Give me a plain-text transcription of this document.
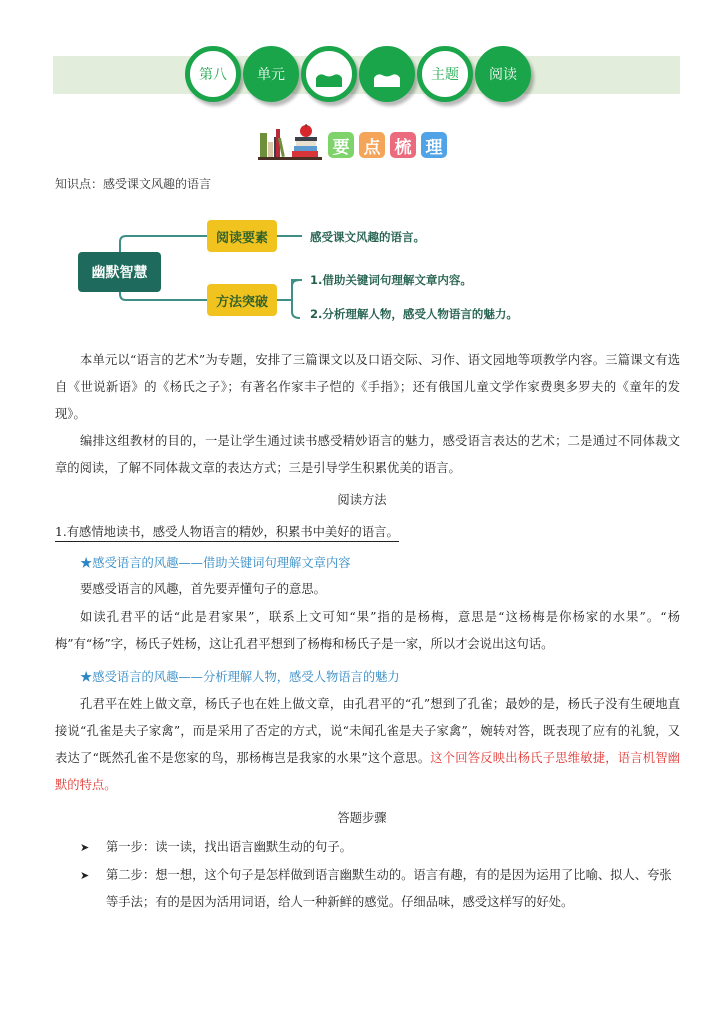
第八 单元	主题 阅读
要 点 梳 理
知识点：感受课文风趣的语言
幽默智慧
阅读要素
方法突破
感受课文风趣的语言。
1.借助关键词句理解文章内容。
2.分析理解人物，感受人物语言的魅力。
本单元以“语言的艺术”为专题，安排了三篇课文以及口语交际、习作、语文园地等项教学内容。三篇课文有选自《世说新语》的《杨氏之子》；有著名作家丰子恺的《手指》；还有俄国儿童文学作家费奥多罗夫的《童年的发现》。
编排这组教材的目的，一是让学生通过读书感受精妙语言的魅力，感受语言表达的艺术；二是通过不同体裁文章的阅读，了解不同体裁文章的表达方式；三是引导学生积累优美的语言。
阅读方法
1.有感情地读书，感受人物语言的精妙，积累书中美好的语言。
★感受语言的风趣——借助关键词句理解文章内容
要感受语言的风趣，首先要弄懂句子的意思。
如读孔君平的话“此是君家果”，联系上文可知“果”指的是杨梅，意思是“这杨梅是你杨家的水果”。“杨梅”有“杨”字，杨氏子姓杨，这让孔君平想到了杨梅和杨氏子是一家，所以才会说出这句话。
★感受语言的风趣——分析理解人物，感受人物语言的魅力
孔君平在姓上做文章，杨氏子也在姓上做文章，由孔君平的“孔”想到了孔雀；最妙的是，杨氏子没有生硬地直接说“孔雀是夫子家禽”，而是采用了否定的方式，说“未闻孔雀是夫子家禽”，婉转对答，既表现了应有的礼貌，又表达了“既然孔雀不是您家的鸟，那杨梅岂是我家的水果”这个意思。这个回答反映出杨氏子思维敏捷，语言机智幽默的特点。
答题步骤
➤ 第一步：读一读，找出语言幽默生动的句子。
➤ 第二步：想一想，这个句子是怎样做到语言幽默生动的。语言有趣，有的是因为运用了比喻、拟人、夸张等手法；有的是因为活用词语，给人一种新鲜的感觉。仔细品味，感受这样写的好处。
